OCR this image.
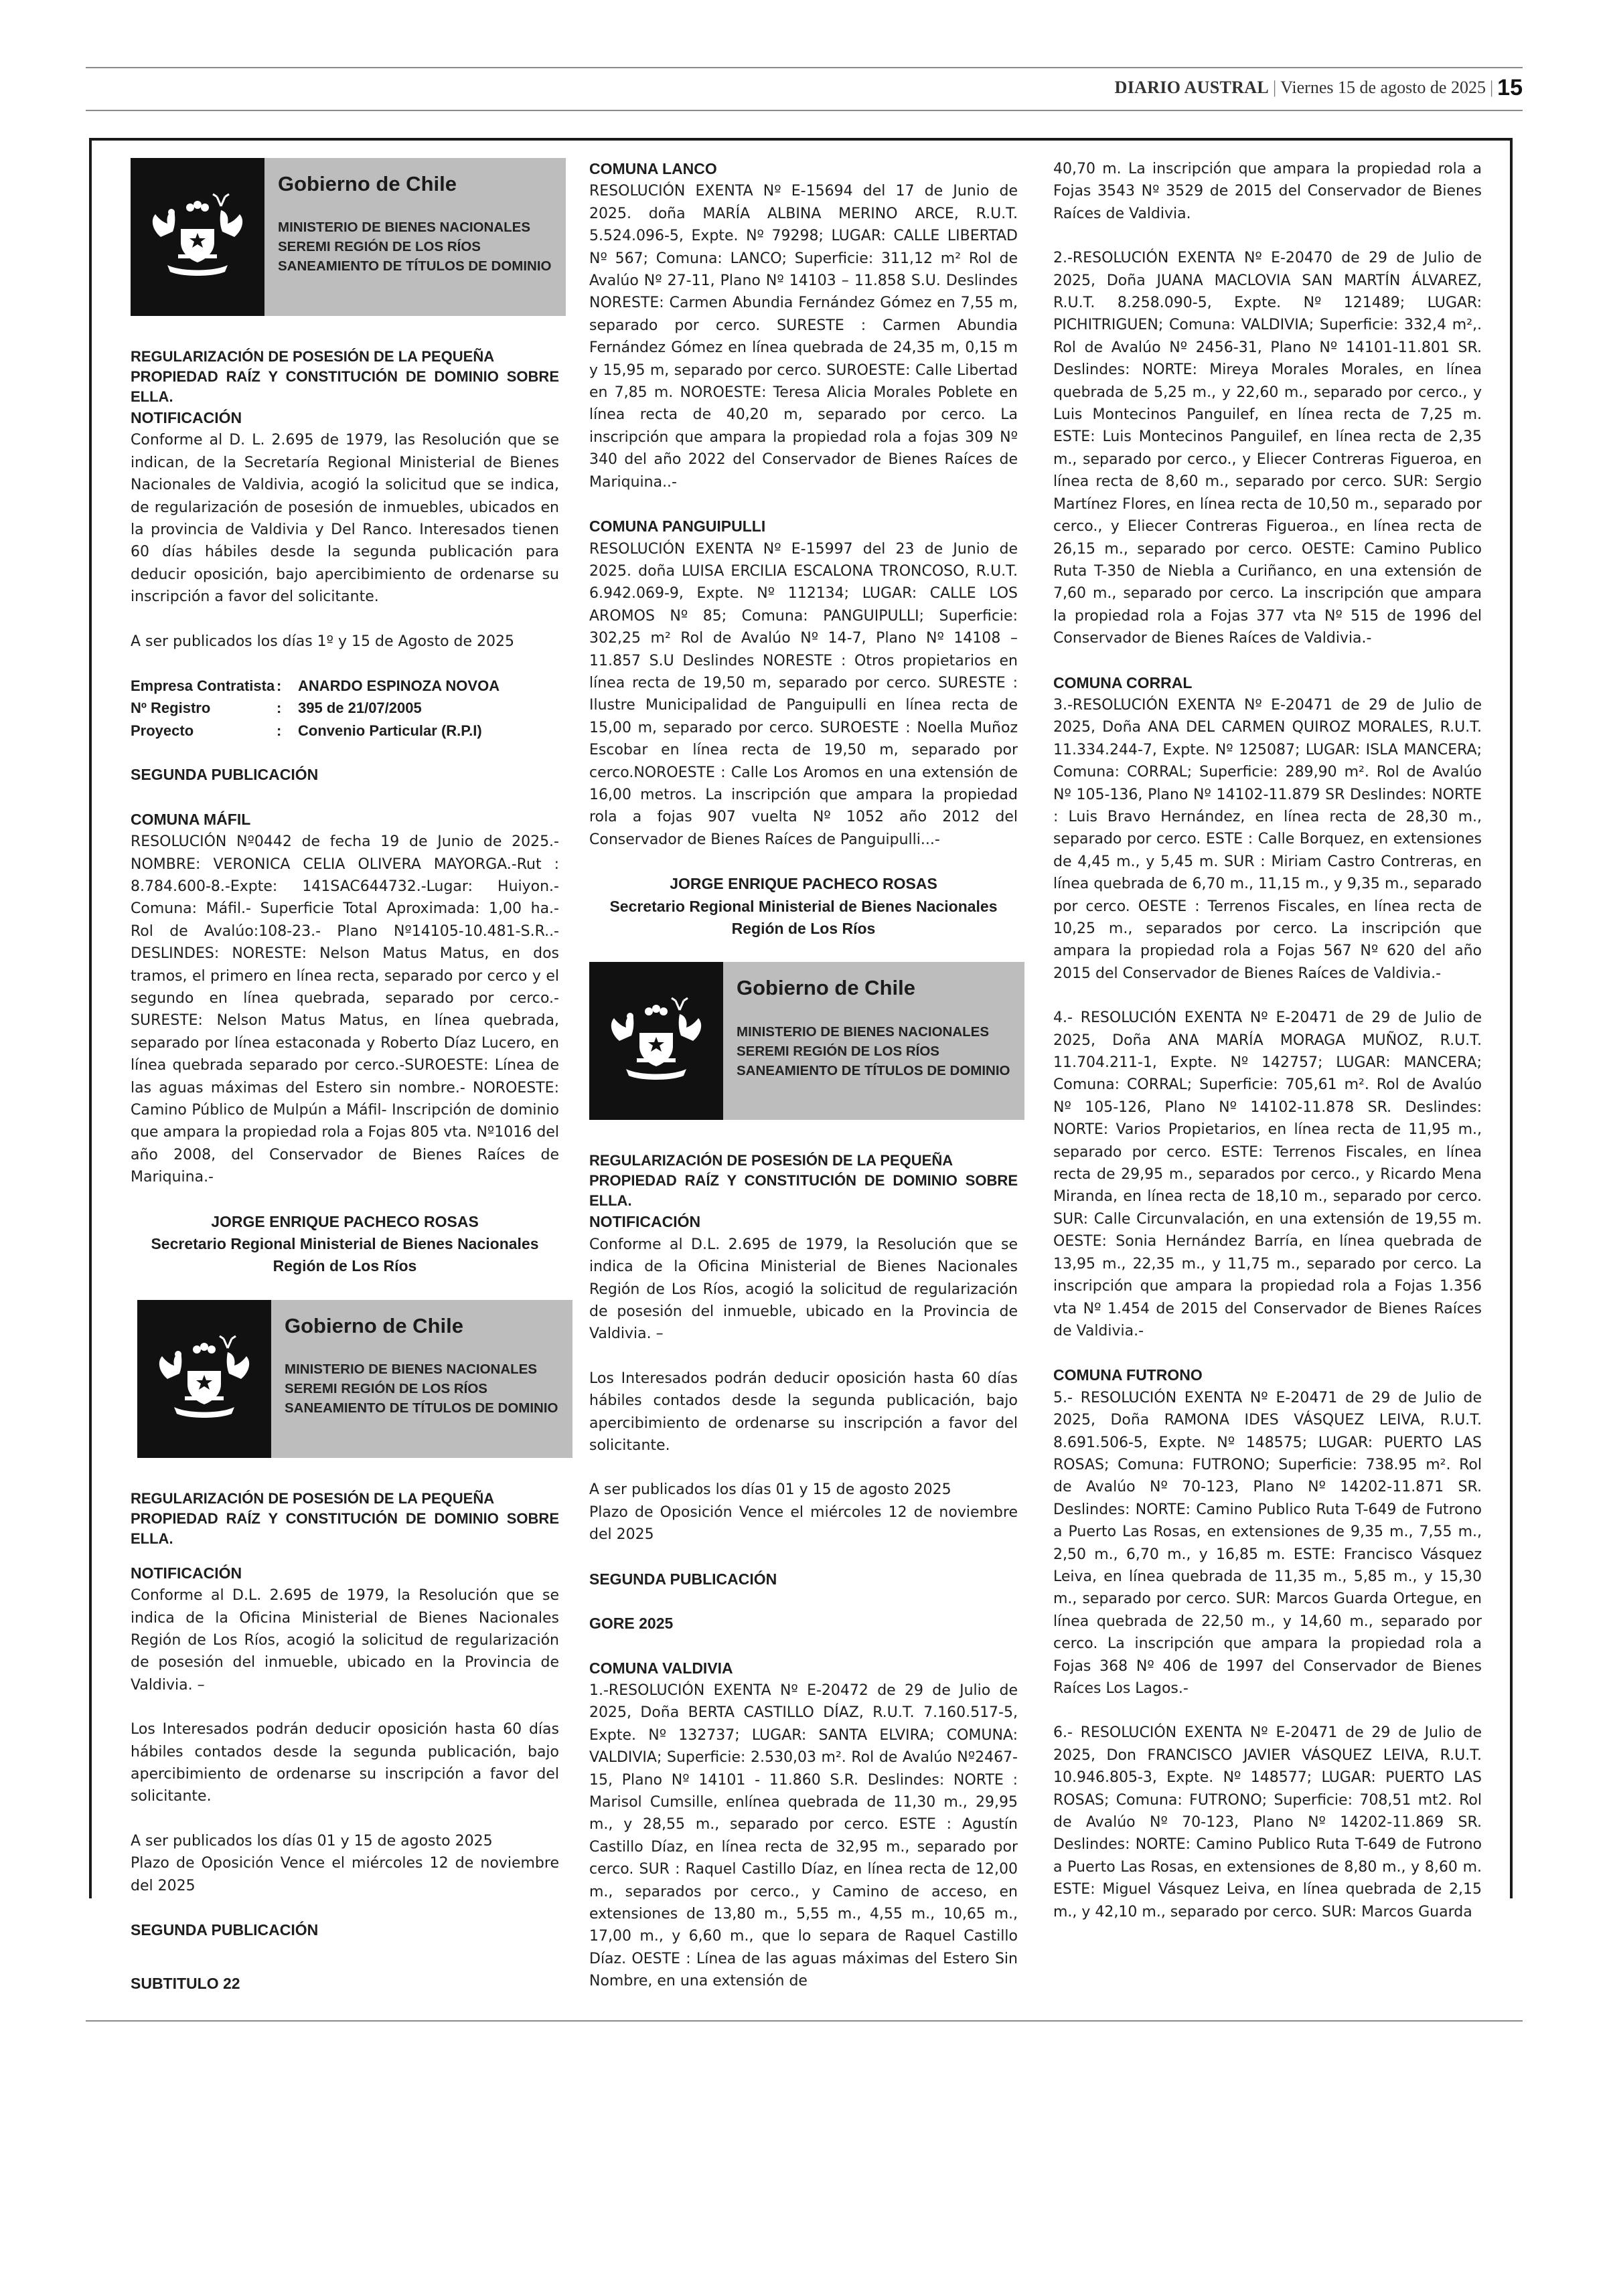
DIARIO AUSTRAL | Viernes 15 de agosto de 2025 | 15
Gobierno de Chile
MINISTERIO DE BIENES NACIONALES
SEREMI REGIÓN DE LOS RÍOS
SANEAMIENTO DE TÍTULOS DE DOMINIO

REGULARIZACIÓN DE POSESIÓN DE LA PEQUEÑA
PROPIEDAD RAÍZ Y CONSTITUCIÓN DE DOMINIO SOBRE ELLA.

NOTIFICACIÓN

Conforme al D. L. 2.695 de 1979, las Resolución que se indican, de la Secretaría Regional Ministerial de Bienes Nacionales de Valdivia, acogió la solicitud que se indica, de regularización de posesión de inmuebles, ubicados en la provincia de Valdivia y Del Ranco. Interesados tienen 60 días hábiles desde la segunda publicación para deducir oposición, bajo apercibimiento de ordenarse su inscripción a favor del solicitante.

A ser publicados los días 1º y 15 de Agosto de 2025

Empresa Contratista :	ANARDO ESPINOZA NOVOA
Nº Registro	:	395 de 21/07/2005
Proyecto	:	Convenio Particular (R.P.I)

SEGUNDA PUBLICACIÓN

COMUNA MÁFIL

RESOLUCIÓN Nº0442 de fecha 19 de Junio de 2025.- NOMBRE: VERONICA CELIA OLIVERA MAYORGA.-Rut : 8.784.600-8.-Expte: 141SAC644732.-Lugar: Huiyon.- Comuna: Máfil.- Superficie Total Aproximada: 1,00 ha.- Rol de Avalúo:108-23.- Plano Nº14105-10.481-S.R..-DESLINDES: NORESTE: Nelson Matus Matus, en dos tramos, el primero en línea recta, separado por cerco y el segundo en línea quebrada, separado por cerco.- SURESTE: Nelson Matus Matus, en línea quebrada, separado por línea estaconada y Roberto Díaz Lucero, en línea quebrada separado por cerco.-SUROESTE: Línea de las aguas máximas del Estero sin nombre.- NOROESTE: Camino Público de Mulpún a Máfil- Inscripción de dominio que ampara la propiedad rola a Fojas 805 vta. Nº1016 del año 2008, del Conservador de Bienes Raíces de Mariquina.-

JORGE ENRIQUE PACHECO ROSAS
Secretario Regional Ministerial de Bienes Nacionales
Región de Los Ríos

Gobierno de Chile
MINISTERIO DE BIENES NACIONALES
SEREMI REGIÓN DE LOS RÍOS
SANEAMIENTO DE TÍTULOS DE DOMINIO

REGULARIZACIÓN DE POSESIÓN DE LA PEQUEÑA
PROPIEDAD RAÍZ Y CONSTITUCIÓN DE DOMINIO SOBRE ELLA.

NOTIFICACIÓN

Conforme al D.L. 2.695 de 1979, la Resolución que se indica de la Oficina Ministerial de Bienes Nacionales Región de Los Ríos, acogió la solicitud de regularización de posesión del inmueble, ubicado en la Provincia de Valdivia. –

Los Interesados podrán deducir oposición hasta 60 días hábiles contados desde la segunda publicación, bajo apercibimiento de ordenarse su inscripción a favor del solicitante.

A ser publicados los días 01 y 15 de agosto 2025
Plazo de Oposición Vence el miércoles 12 de noviembre del 2025

SEGUNDA PUBLICACIÓN

SUBTITULO 22

COMUNA LANCO

RESOLUCIÓN EXENTA Nº E-15694 del 17 de Junio de 2025. doña MARÍA ALBINA MERINO ARCE, R.U.T. 5.524.096-5, Expte. Nº 79298; LUGAR: CALLE LIBERTAD Nº 567; Comuna: LANCO; Superficie: 311,12 m² Rol de Avalúo Nº 27-11, Plano Nº 14103 – 11.858 S.U. Deslindes NORESTE: Carmen Abundia Fernández Gómez en 7,55 m, separado por cerco. SURESTE : Carmen Abundia Fernández Gómez en línea quebrada de 24,35 m, 0,15 m y 15,95 m, separado por cerco. SUROESTE: Calle Libertad en 7,85 m. NOROESTE: Teresa Alicia Morales Poblete en línea recta de 40,20 m, separado por cerco. La inscripción que ampara la propiedad rola a fojas 309 Nº 340 del año 2022 del Conservador de Bienes Raíces de Mariquina..-

COMUNA PANGUIPULLI

RESOLUCIÓN EXENTA Nº E-15997 del 23 de Junio de 2025. doña LUISA ERCILIA ESCALONA TRONCOSO, R.U.T. 6.942.069-9, Expte. Nº 112134; LUGAR: CALLE LOS AROMOS Nº 85; Comuna: PANGUIPULLI; Superficie: 302,25 m² Rol de Avalúo Nº 14-7, Plano Nº 14108 – 11.857 S.U Deslindes NORESTE : Otros propietarios en línea recta de 19,50 m, separado por cerco. SURESTE : Ilustre Municipalidad de Panguipulli en línea recta de 15,00 m, separado por cerco. SUROESTE : Noella Muñoz Escobar en línea recta de 19,50 m, separado por cerco.NOROESTE : Calle Los Aromos en una extensión de 16,00 metros. La inscripción que ampara la propiedad rola a fojas 907 vuelta Nº 1052 año 2012 del Conservador de Bienes Raíces de Panguipulli...-

JORGE ENRIQUE PACHECO ROSAS
Secretario Regional Ministerial de Bienes Nacionales
Región de Los Ríos

Gobierno de Chile
MINISTERIO DE BIENES NACIONALES
SEREMI REGIÓN DE LOS RÍOS
SANEAMIENTO DE TÍTULOS DE DOMINIO

REGULARIZACIÓN DE POSESIÓN DE LA PEQUEÑA
PROPIEDAD RAÍZ Y CONSTITUCIÓN DE DOMINIO SOBRE ELLA.

NOTIFICACIÓN

Conforme al D.L. 2.695 de 1979, la Resolución que se indica de la Oficina Ministerial de Bienes Nacionales Región de Los Ríos, acogió la solicitud de regularización de posesión del inmueble, ubicado en la Provincia de Valdivia. –

Los Interesados podrán deducir oposición hasta 60 días hábiles contados desde la segunda publicación, bajo apercibimiento de ordenarse su inscripción a favor del solicitante.

A ser publicados los días 01 y 15 de agosto 2025
Plazo de Oposición Vence el miércoles 12 de noviembre del 2025

SEGUNDA PUBLICACIÓN

GORE 2025

COMUNA VALDIVIA

1.-RESOLUCIÓN EXENTA Nº E-20472 de 29 de Julio de 2025, Doña BERTA CASTILLO DÍAZ, R.U.T. 7.160.517-5, Expte. Nº 132737; LUGAR: SANTA ELVIRA; COMUNA: VALDIVIA; Superficie: 2.530,03 m². Rol de Avalúo Nº2467-15, Plano Nº 14101 - 11.860 S.R. Deslindes: NORTE : Marisol Cumsille, enlínea quebrada de 11,30 m., 29,95 m., y 28,55 m., separado por cerco. ESTE : Agustín Castillo Díaz, en línea recta de 32,95 m., separado por cerco. SUR : Raquel Castillo Díaz, en línea recta de 12,00 m., separados por cerco., y Camino de acceso, en extensiones de 13,80 m., 5,55 m., 4,55 m., 10,65 m., 17,00 m., y 6,60 m., que lo separa de Raquel Castillo Díaz. OESTE : Línea de las aguas máximas del Estero Sin Nombre, en una extensión de

40,70 m. La inscripción que ampara la propiedad rola a Fojas 3543 Nº 3529 de 2015 del Conservador de Bienes Raíces de Valdivia.

2.-RESOLUCIÓN EXENTA Nº E-20470 de 29 de Julio de 2025, Doña JUANA MACLOVIA SAN MARTÍN ÁLVAREZ, R.U.T. 8.258.090-5, Expte. Nº 121489; LUGAR: PICHITRIGUEN; Comuna: VALDIVIA; Superficie: 332,4 m²,. Rol de Avalúo Nº 2456-31, Plano Nº 14101-11.801 SR. Deslindes: NORTE: Mireya Morales Morales, en línea quebrada de 5,25 m., y 22,60 m., separado por cerco., y Luis Montecinos Panguilef, en línea recta de 7,25 m. ESTE: Luis Montecinos Panguilef, en línea recta de 2,35 m., separado por cerco., y Eliecer Contreras Figueroa, en línea recta de 8,60 m., separado por cerco. SUR: Sergio Martínez Flores, en línea recta de 10,50 m., separado por cerco., y Eliecer Contreras Figueroa., en línea recta de 26,15 m., separado por cerco. OESTE: Camino Publico Ruta T-350 de Niebla a Curiñanco, en una extensión de 7,60 m., separado por cerco. La inscripción que ampara la propiedad rola a Fojas 377 vta Nº 515 de 1996 del Conservador de Bienes Raíces de Valdivia.-

COMUNA CORRAL

3.-RESOLUCIÓN EXENTA Nº E-20471 de 29 de Julio de 2025, Doña ANA DEL CARMEN QUIROZ MORALES, R.U.T. 11.334.244-7, Expte. Nº 125087; LUGAR: ISLA MANCERA; Comuna: CORRAL; Superficie: 289,90 m². Rol de Avalúo Nº 105-136, Plano Nº 14102-11.879 SR Deslindes: NORTE : Luis Bravo Hernández, en línea recta de 28,30 m., separado por cerco. ESTE : Calle Borquez, en extensiones de 4,45 m., y 5,45 m. SUR : Miriam Castro Contreras, en línea quebrada de 6,70 m., 11,15 m., y 9,35 m., separado por cerco. OESTE : Terrenos Fiscales, en línea recta de 10,25 m., separados por cerco. La inscripción que ampara la propiedad rola a Fojas 567 Nº 620 del año 2015 del Conservador de Bienes Raíces de Valdivia.-

4.- RESOLUCIÓN EXENTA Nº E-20471 de 29 de Julio de 2025, Doña ANA MARÍA MORAGA MUÑOZ, R.U.T. 11.704.211-1, Expte. Nº 142757; LUGAR: MANCERA; Comuna: CORRAL; Superficie: 705,61 m². Rol de Avalúo Nº 105-126, Plano Nº 14102-11.878 SR. Deslindes: NORTE: Varios Propietarios, en línea recta de 11,95 m., separado por cerco. ESTE: Terrenos Fiscales, en línea recta de 29,95 m., separados por cerco., y Ricardo Mena Miranda, en línea recta de 18,10 m., separado por cerco. SUR: Calle Circunvalación, en una extensión de 19,55 m. OESTE: Sonia Hernández Barría, en línea quebrada de 13,95 m., 22,35 m., y 11,75 m., separado por cerco. La inscripción que ampara la propiedad rola a Fojas 1.356 vta Nº 1.454 de 2015 del Conservador de Bienes Raíces de Valdivia.-

COMUNA FUTRONO

5.- RESOLUCIÓN EXENTA Nº E-20471 de 29 de Julio de 2025, Doña RAMONA IDES VÁSQUEZ LEIVA, R.U.T. 8.691.506-5, Expte. Nº 148575; LUGAR: PUERTO LAS ROSAS; Comuna: FUTRONO; Superficie: 738.95 m². Rol de Avalúo Nº 70-123, Plano Nº 14202-11.871 SR. Deslindes: NORTE: Camino Publico Ruta T-649 de Futrono a Puerto Las Rosas, en extensiones de 9,35 m., 7,55 m., 2,50 m., 6,70 m., y 16,85 m. ESTE: Francisco Vásquez Leiva, en línea quebrada de 11,35 m., 5,85 m., y 15,30 m., separado por cerco. SUR: Marcos Guarda Ortegue, en línea quebrada de 22,50 m., y 14,60 m., separado por cerco. La inscripción que ampara la propiedad rola a Fojas 368 Nº 406 de 1997 del Conservador de Bienes Raíces Los Lagos.-

6.- RESOLUCIÓN EXENTA Nº E-20471 de 29 de Julio de 2025, Don FRANCISCO JAVIER VÁSQUEZ LEIVA, R.U.T. 10.946.805-3, Expte. Nº 148577; LUGAR: PUERTO LAS ROSAS; Comuna: FUTRONO; Superficie: 708,51 mt2. Rol de Avalúo Nº 70-123, Plano Nº 14202-11.869 SR. Deslindes: NORTE: Camino Publico Ruta T-649 de Futrono a Puerto Las Rosas, en extensiones de 8,80 m., y 8,60 m. ESTE: Miguel Vásquez Leiva, en línea quebrada de 2,15 m., y 42,10 m., separado por cerco. SUR: Marcos Guarda
